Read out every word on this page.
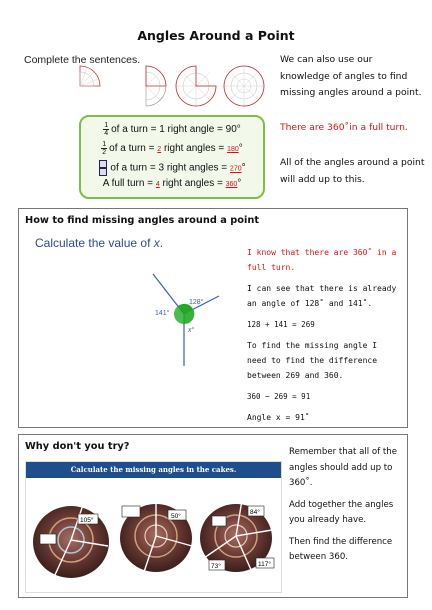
Angles Around a Point
Complete the sentences.
$\frac{1}{4}$ of a turn = 1 right angle = 90°
$\frac{1}{2}$ of a turn = 2 right angles = 180°

of a turn = 3 right angles = 270°
A full turn = 4 right angles = 360°
We can also use our knowledge of angles to find missing angles around a point.
There are 360˚in a full turn.
All of the angles around a point will add up to this.
How to find missing angles around a point
Calculate the value of x.
128°
141°
x°
I know that there are 360˚ in a full turn.
I can see that there is already an angle of 128˚ and 141˚.
128 + 141 = 269
To find the missing angle I need to find the difference between 269 and 360.
360 − 269 = 91
Angle x = 91˚
Why don't you try?
Calculate the missing angles in the cakes.
105°
50°
84°
73°	117°
Remember that all of the angles should add up to 360˚.
Add together the angles you already have.
Then find the difference between 360.
